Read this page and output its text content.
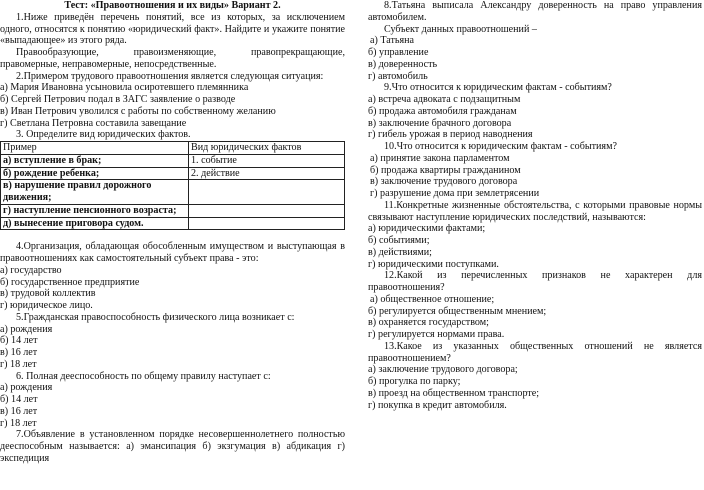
Тест: «Правоотношения и их виды» Вариант 2.

1.Ниже приведён перечень понятий, все из которых, за исключением одного, относятся к понятию «юридический факт». Найдите и укажите понятие «выпадающее» из этого ряда.

Правообразующие,	правоизменяющие,	правопрекращающие,

правомерные, неправомерные, непосредственные.

2.Примером трудового правоотношения является следующая ситуация:

а) Мария Ивановна усыновила осиротевшего племянника

б) Сергей Петрович подал в ЗАГС заявление о разводе

в) Иван Петрович уволился с работы по собственному желанию

г) Светлана Петровна составила завещание

3. Определите вид юридических фактов.

Пример	Вид юридических фактов
а) вступление в брак;	1. событие
б) рождение ребенка;	2. действие
в) нарушение правил дорожного движения;	
г) наступление пенсионного возраста;	
д) вынесение приговора судом.	

4.Организация, обладающая обособленным имуществом и выступающая в правоотношениях как самостоятельный субъект права - это:

а) государство

б) государственное предприятие

в) трудовой коллектив

г) юридическое лицо.

5.Гражданская правоспособность физического лица возникает с:

а) рождения

б) 14 лет

в) 16 лет

г) 18 лет

6. Полная дееспособность по общему правилу наступает с:

а) рождения

б) 14 лет

в) 16 лет

г) 18 лет

7.Объявление в установленном порядке несовершеннолетнего полностью дееспособным называется: а) эмансипация б) экзгумация в) абдикация г) экспедиция

8.Татьяна выписала Александру доверенность на право управления автомобилем.

Субъект данных правоотношений –

а) Татьяна

б) управление

в) доверенность

г) автомобиль

9.Что относится к юридическим фактам - событиям?

а) встреча адвоката с подзащитным

б) продажа автомобиля гражданам

в) заключение брачного договора

г) гибель урожая в период наводнения

10.Что относится к юридическим фактам - событиям?

а) принятие закона парламентом

б) продажа квартиры гражданином

в) заключение трудового договора

г) разрушение дома при землетрясении

11.Конкретные жизненные обстоятельства, с которыми правовые нормы связывают наступление юридических последствий, называются:

а) юридическими фактами;

б) событиями;

в) действиями;

г) юридическими поступками.

12.Какой из перечисленных признаков не характерен для правоотношения?

а) общественное отношение;

б) регулируется общественным мнением;

в) охраняется государством;

г) регулируется нормами права.

13.Какое из указанных общественных отношений не является правоотношением?

а) заключение трудового договора;

б) прогулка по парку;

в) проезд на общественном транспорте;

г) покупка в кредит автомобиля.
